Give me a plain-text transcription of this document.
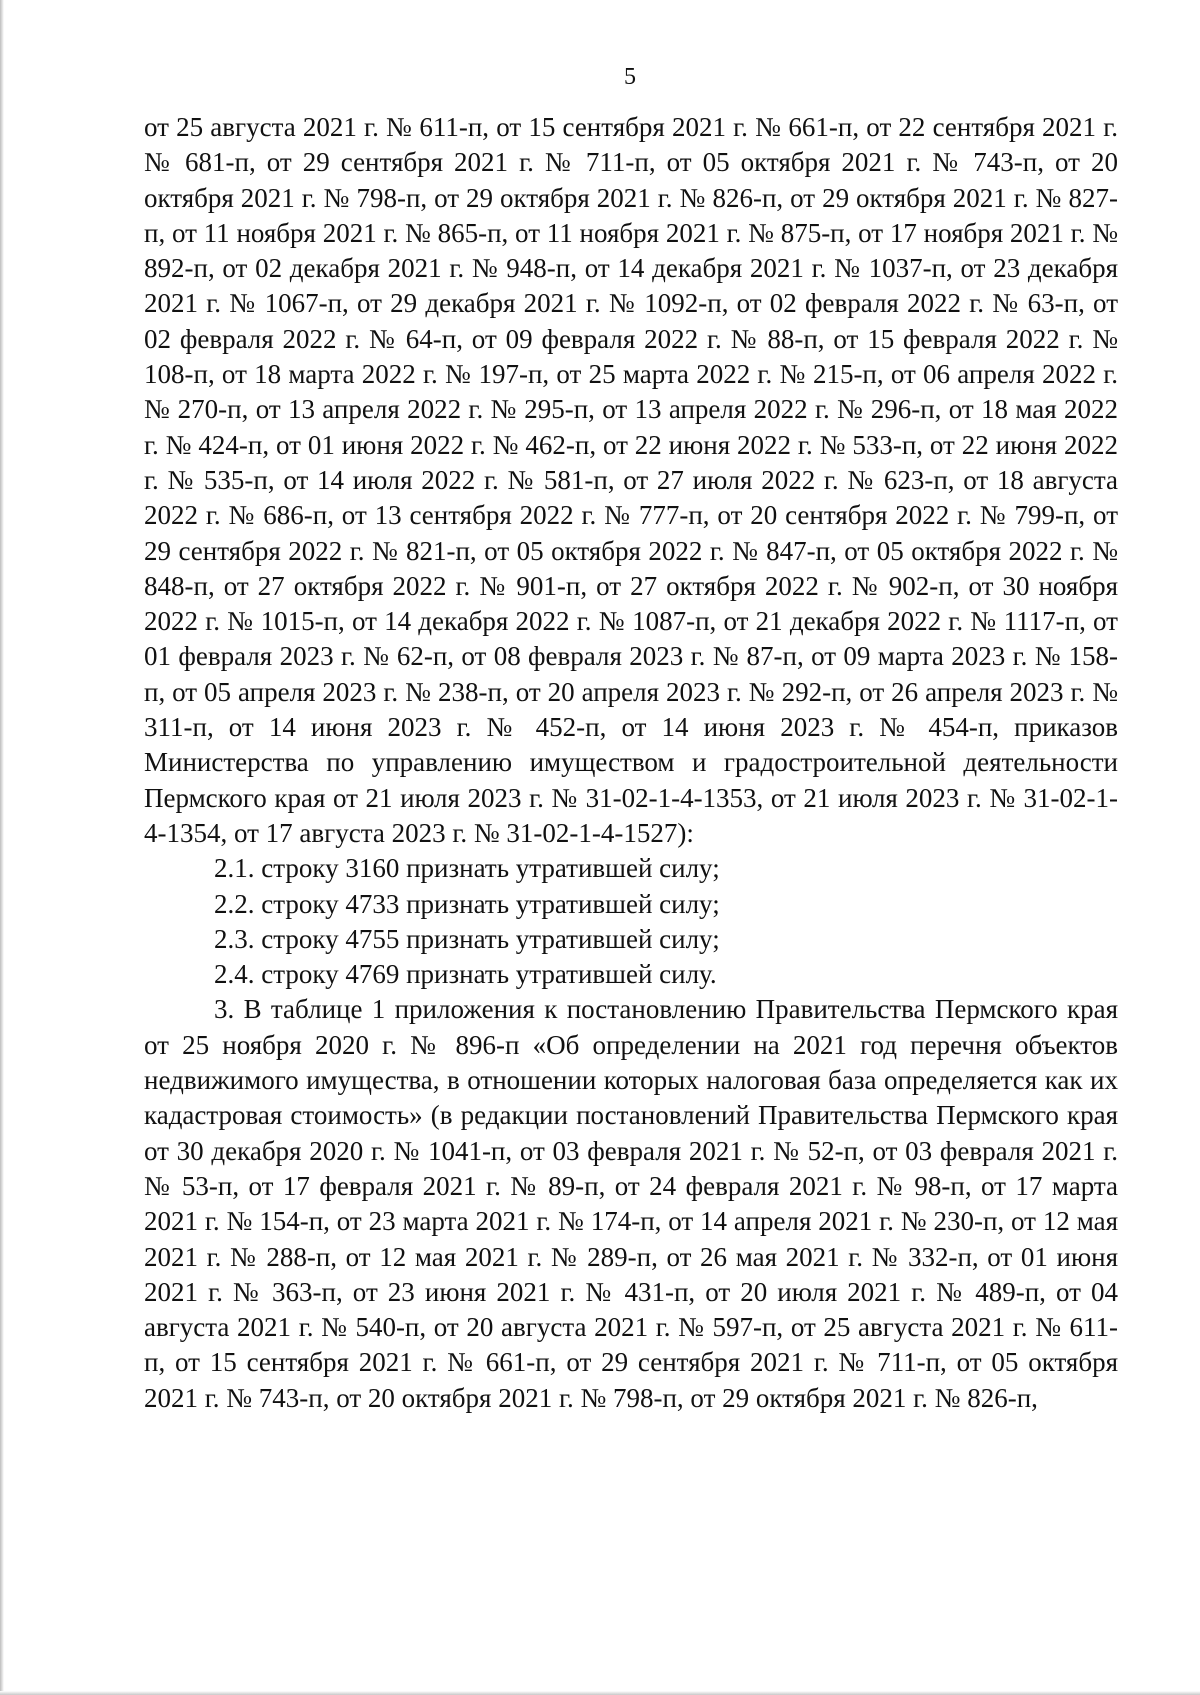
5

от 25 августа 2021 г. № 611-п, от 15 сентября 2021 г. № 661-п, от 22 сентября 2021 г. № 681-п, от 29 сентября 2021 г. № 711-п, от 05 октября 2021 г. № 743-п, от 20 октября 2021 г. № 798-п, от 29 октября 2021 г. № 826-п, от 29 октября 2021 г. № 827-п, от 11 ноября 2021 г. № 865-п, от 11 ноября 2021 г. № 875-п, от 17 ноября 2021 г. № 892-п, от 02 декабря 2021 г. № 948-п, от 14 декабря 2021 г. № 1037-п, от 23 декабря 2021 г. № 1067-п, от 29 декабря 2021 г. № 1092-п, от 02 февраля 2022 г. № 63-п, от 02 февраля 2022 г. № 64-п, от 09 февраля 2022 г. № 88-п, от 15 февраля 2022 г. № 108-п, от 18 марта 2022 г. № 197-п, от 25 марта 2022 г. № 215-п, от 06 апреля 2022 г. № 270-п, от 13 апреля 2022 г. № 295-п, от 13 апреля 2022 г. № 296-п, от 18 мая 2022 г. № 424-п, от 01 июня 2022 г. № 462-п, от 22 июня 2022 г. № 533-п, от 22 июня 2022 г. № 535-п, от 14 июля 2022 г. № 581-п, от 27 июля 2022 г. № 623-п, от 18 августа 2022 г. № 686-п, от 13 сентября 2022 г. № 777-п, от 20 сентября 2022 г. № 799-п, от 29 сентября 2022 г. № 821-п, от 05 октября 2022 г. № 847-п, от 05 октября 2022 г. № 848-п, от 27 октября 2022 г. № 901-п, от 27 октября 2022 г. № 902-п, от 30 ноября 2022 г. № 1015-п, от 14 декабря 2022 г. № 1087-п, от 21 декабря 2022 г. № 1117-п, от 01 февраля 2023 г. № 62-п, от 08 февраля 2023 г. № 87-п, от 09 марта 2023 г. № 158-п, от 05 апреля 2023 г. № 238-п, от 20 апреля 2023 г. № 292-п, от 26 апреля 2023 г. № 311-п, от 14 июня 2023 г. № 452-п, от 14 июня 2023 г. № 454-п, приказов Министерства по управлению имуществом и градостроительной деятельности Пермского края от 21 июля 2023 г. № 31-02-1-4-1353, от 21 июля 2023 г. № 31-02-1-4-1354, от 17 августа 2023 г. № 31-02-1-4-1527):

2.1. строку 3160 признать утратившей силу;

2.2. строку 4733 признать утратившей силу;

2.3. строку 4755 признать утратившей силу;

2.4. строку 4769 признать утратившей силу.

3. В таблице 1 приложения к постановлению Правительства Пермского края от 25 ноября 2020 г. № 896-п «Об определении на 2021 год перечня объектов недвижимого имущества, в отношении которых налоговая база определяется как их кадастровая стоимость» (в редакции постановлений Правительства Пермского края от 30 декабря 2020 г. № 1041-п, от 03 февраля 2021 г. № 52-п, от 03 февраля 2021 г. № 53-п, от 17 февраля 2021 г. № 89-п, от 24 февраля 2021 г. № 98-п, от 17 марта 2021 г. № 154-п, от 23 марта 2021 г. № 174-п, от 14 апреля 2021 г. № 230-п, от 12 мая 2021 г. № 288-п, от 12 мая 2021 г. № 289-п, от 26 мая 2021 г. № 332-п, от 01 июня 2021 г. № 363-п, от 23 июня 2021 г. № 431-п, от 20 июля 2021 г. № 489-п, от 04 августа 2021 г. № 540-п, от 20 августа 2021 г. № 597-п, от 25 августа 2021 г. № 611-п, от 15 сентября 2021 г. № 661-п, от 29 сентября 2021 г. № 711-п, от 05 октября 2021 г. № 743-п, от 20 октября 2021 г. № 798-п, от 29 октября 2021 г. № 826-п,
